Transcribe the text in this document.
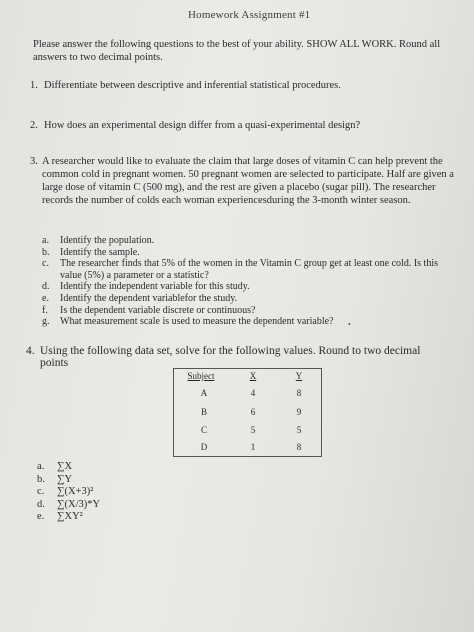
Homework Assignment #1
Please answer the following questions to the best of your ability. SHOW ALL WORK. Round all answers to two decimal points.
1. Differentiate between descriptive and inferential statistical procedures.
2. How does an experimental design differ from a quasi-experimental design?
3. A researcher would like to evaluate the claim that large doses of vitamin C can help prevent the common cold in pregnant women. 50 pregnant women are selected to participate. Half are given a large dose of vitamin C (500 mg), and the rest are given a placebo (sugar pill). The researcher records the number of colds each woman experiencesduring the 3-month winter season.
a.	Identify the population.
b.	Identify the sample.
c.	The researcher finds that 5% of the women in the Vitamin C group get at least one cold. Is this value (5%) a parameter or a statistic?
d.	Identify the independent variable for this study.
e.	Identify the dependent variablefor the study.
f.	Is the dependent variable discrete or continuous?
g.	What measurement scale is used to measure the dependent variable? •
4. Using the following data set, solve for the following values. Round to two decimal points
Subject	X	Y
A	4	8
B	6	9
C	5	5
D	1	8
a.	∑X
b.	∑Y
c.	∑(X+3)²
d.	∑(X/3)*Y
e.	∑XY²
